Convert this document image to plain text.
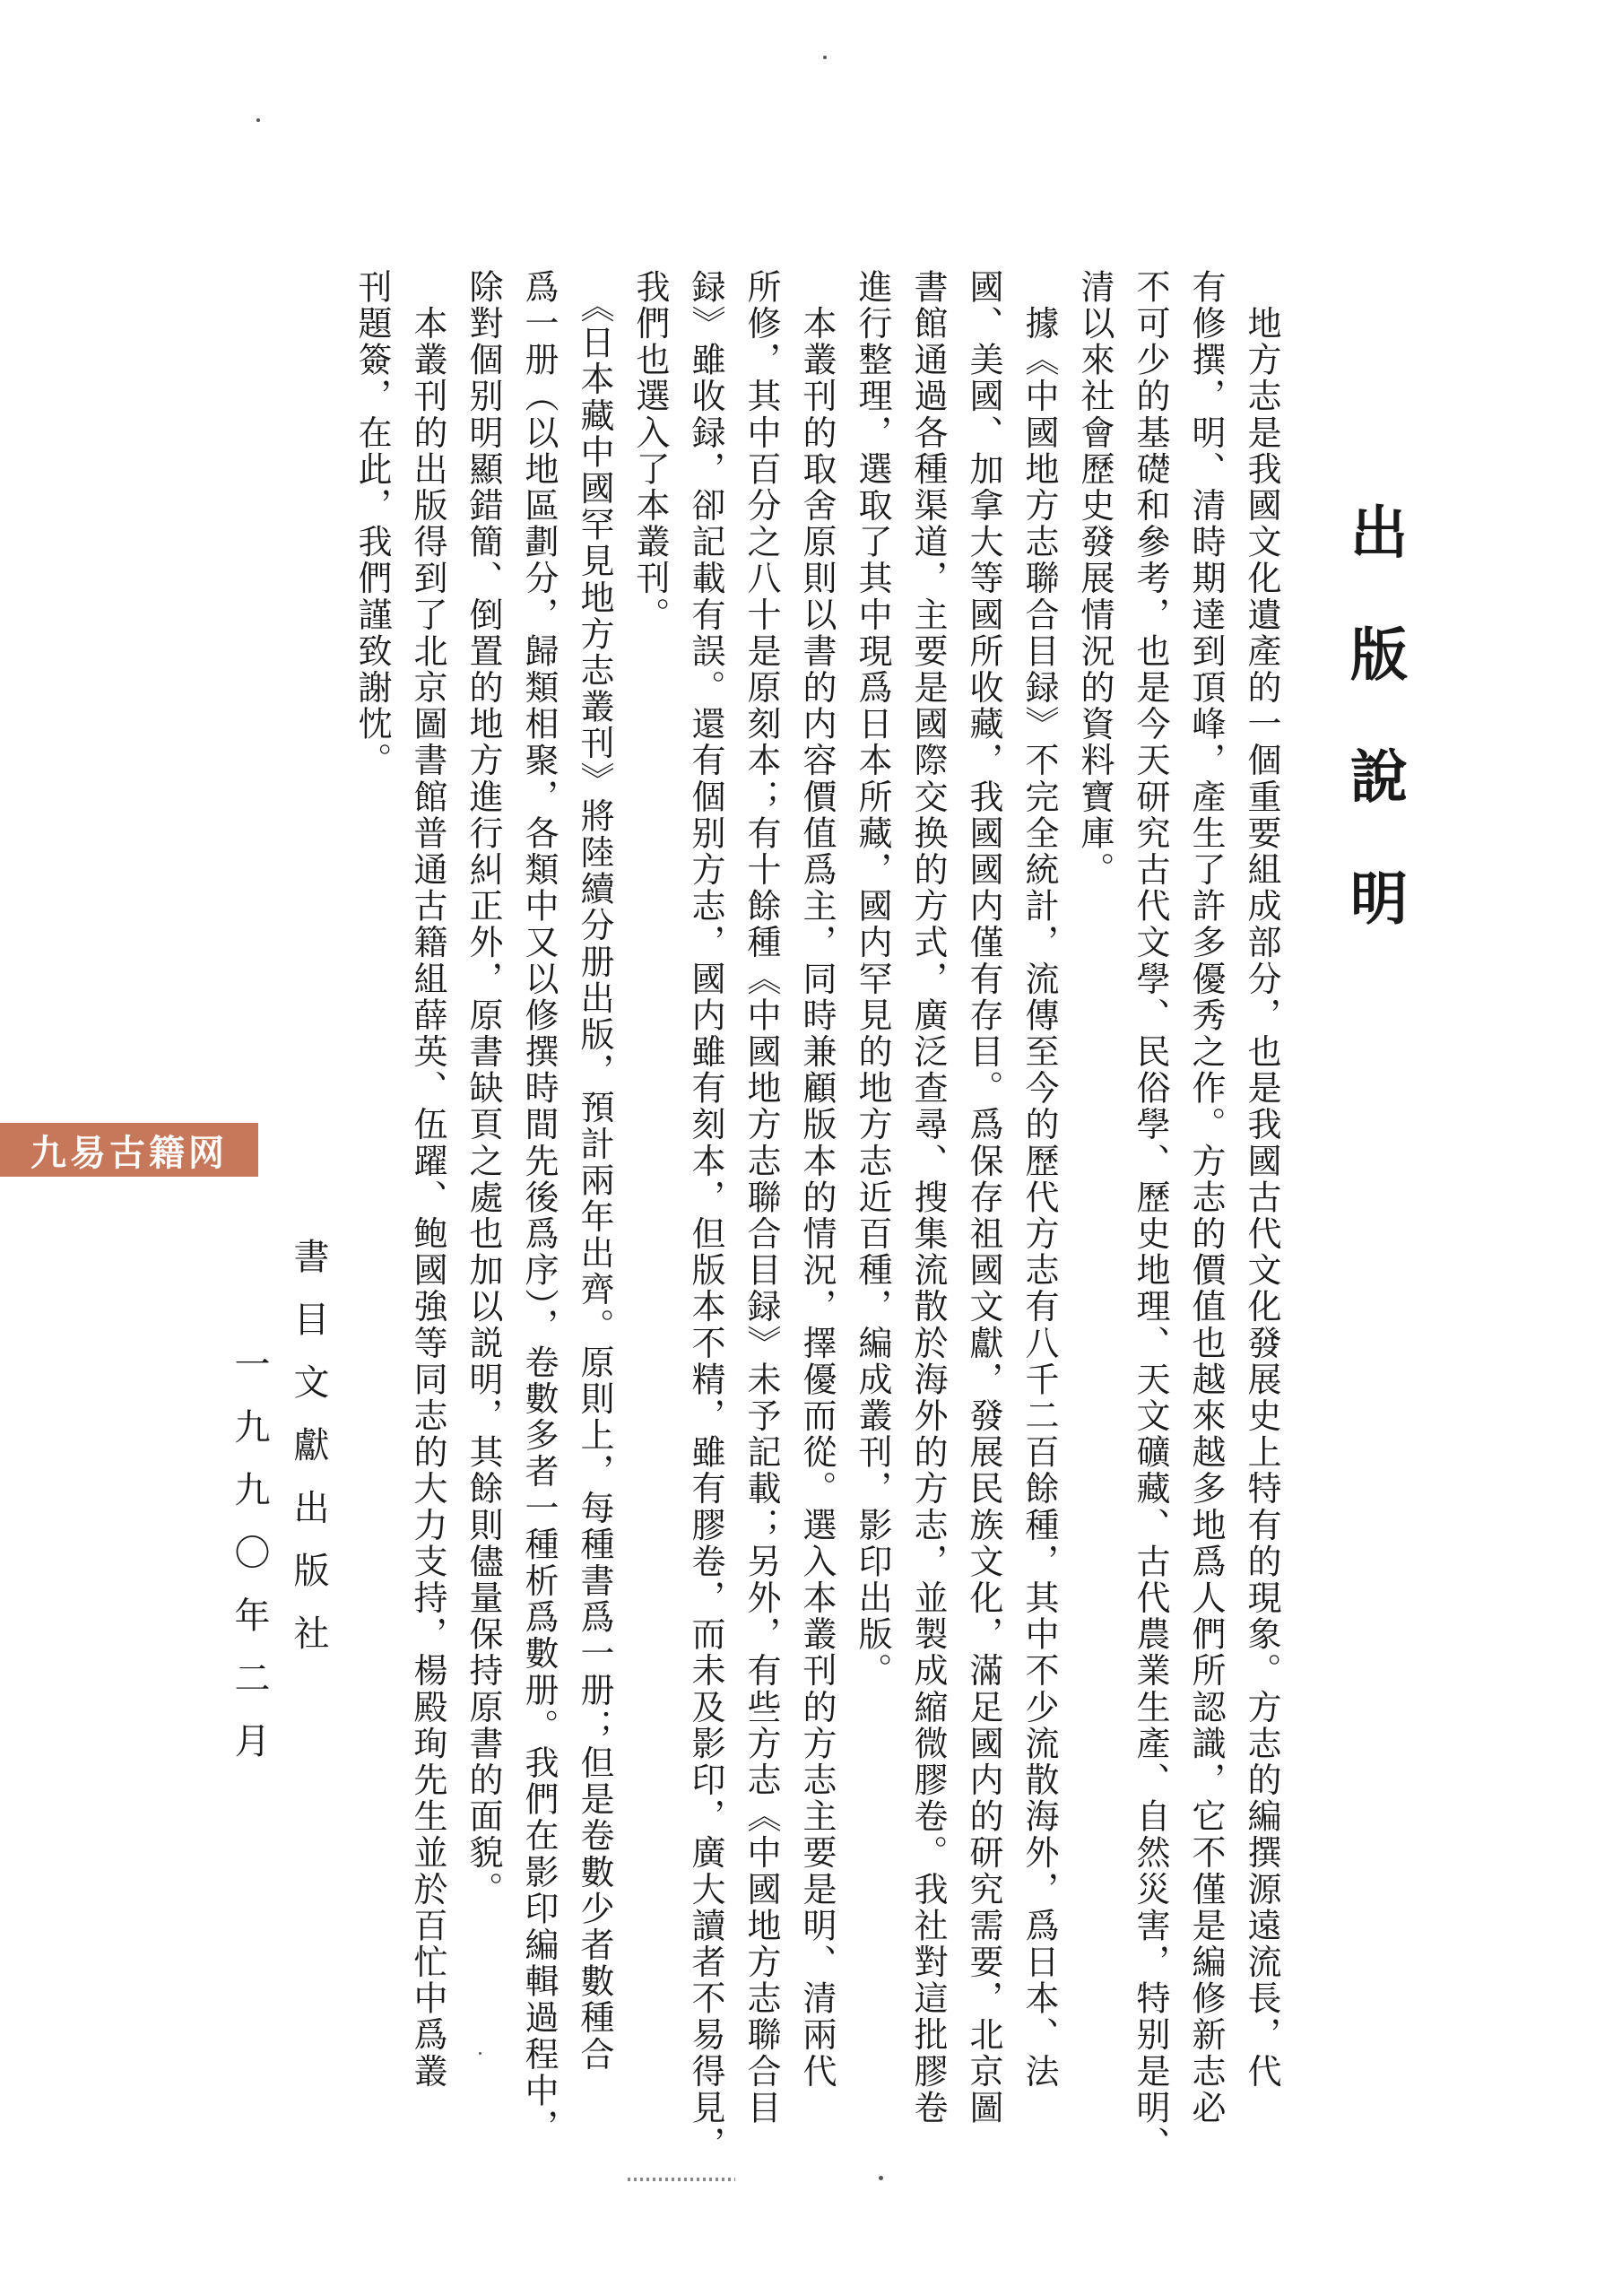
出版說明
　地方志是我國文化遺產的一個重要組成部分，也是我國古代文化發展史上特有的現象。方志的編撰源遠流長，代
有修撰，明、清時期達到頂峰，產生了許多優秀之作。方志的價值也越來越多地爲人們所認識，它不僅是編修新志必
不可少的基礎和參考，也是今天研究古代文學、民俗學、歷史地理、天文礦藏、古代農業生產、自然災害，特别是明、
清以來社會歷史發展情況的資料寶庫。
　據《中國地方志聯合目録》不完全統計，流傳至今的歷代方志有八千二百餘種，其中不少流散海外，爲日本、法
國、美國、加拿大等國所收藏，我國國内僅有存目。爲保存祖國文獻，發展民族文化，滿足國内的研究需要，北京圖
書館通過各種渠道，主要是國際交换的方式，廣泛查尋、搜集流散於海外的方志，並製成縮微膠卷。我社對這批膠卷
進行整理，選取了其中現爲日本所藏，國内罕見的地方志近百種，編成叢刊，影印出版。
　本叢刊的取舍原則以書的内容價值爲主，同時兼顧版本的情況，擇優而從。選入本叢刊的方志主要是明、清兩代
所修，其中百分之八十是原刻本；有十餘種《中國地方志聯合目録》未予記載；另外，有些方志《中國地方志聯合目
録》雖收録，卻記載有誤。還有個别方志，國内雖有刻本，但版本不精，雖有膠卷，而未及影印，廣大讀者不易得見，
我們也選入了本叢刊。
　《日本藏中國罕見地方志叢刊》將陸續分册出版，預計兩年出齊。原則上，每種書爲一册；但是卷數少者數種合
爲一册（以地區劃分，歸類相聚，各類中又以修撰時間先後爲序），卷數多者一種析爲數册。我們在影印編輯過程中，
除對個别明顯錯簡、倒置的地方進行糾正外，原書缺頁之處也加以説明，其餘則儘量保持原書的面貌。
　本叢刊的出版得到了北京圖書館普通古籍組薛英、伍躍、鲍國強等同志的大力支持，楊殿珣先生並於百忙中爲叢
刊題簽，在此，我們謹致謝忱。
書目文獻出版社
一九九〇年二月
九易古籍网
